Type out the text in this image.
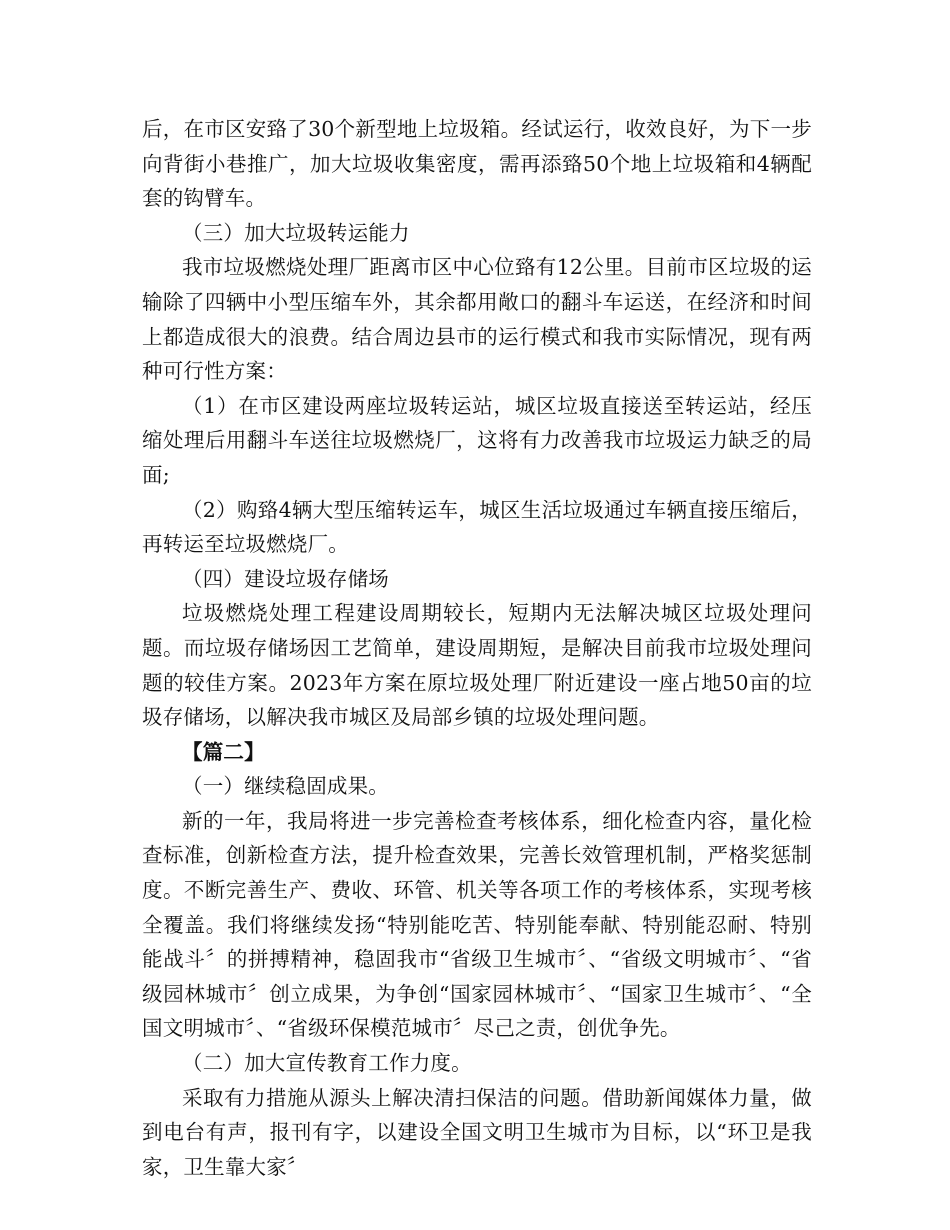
后，在市区安臵了30个新型地上垃圾箱。经试运行，收效良好，为下一步向背街小巷推广，加大垃圾收集密度，需再添臵50个地上垃圾箱和4辆配套的钩臂车。

（三）加大垃圾转运能力

我市垃圾燃烧处理厂距离市区中心位臵有12公里。目前市区垃圾的运输除了四辆中小型压缩车外，其余都用敞口的翻斗车运送，在经济和时间上都造成很大的浪费。结合周边县市的运行模式和我市实际情况，现有两种可行性方案：

（1）在市区建设两座垃圾转运站，城区垃圾直接送至转运站，经压缩处理后用翻斗车送往垃圾燃烧厂，这将有力改善我市垃圾运力缺乏的局面;

（2）购臵4辆大型压缩转运车，城区生活垃圾通过车辆直接压缩后，再转运至垃圾燃烧厂。

（四）建设垃圾存储场

垃圾燃烧处理工程建设周期较长，短期内无法解决城区垃圾处理问题。而垃圾存储场因工艺简单，建设周期短，是解决目前我市垃圾处理问题的较佳方案。2023年方案在原垃圾处理厂附近建设一座占地50亩的垃圾存储场，以解决我市城区及局部乡镇的垃圾处理问题。

【篇二】

（一）继续稳固成果。

新的一年，我局将进一步完善检查考核体系，细化检查内容，量化检查标准，创新检查方法，提升检查效果，完善长效管理机制，严格奖惩制度。不断完善生产、费收、环管、机关等各项工作的考核体系，实现考核全覆盖。我们将继续发扬“特别能吃苦、特别能奉献、特别能忍耐、特别能战斗〞的拼搏精神，稳固我市“省级卫生城市〞、“省级文明城市〞、“省级园林城市〞创立成果，为争创“国家园林城市〞、“国家卫生城市〞、“全国文明城市〞、“省级环保模范城市〞尽己之责，创优争先。

（二）加大宣传教育工作力度。

采取有力措施从源头上解决清扫保洁的问题。借助新闻媒体力量，做到电台有声，报刊有字，以建设全国文明卫生城市为目标，以“环卫是我家，卫生靠大家〞
